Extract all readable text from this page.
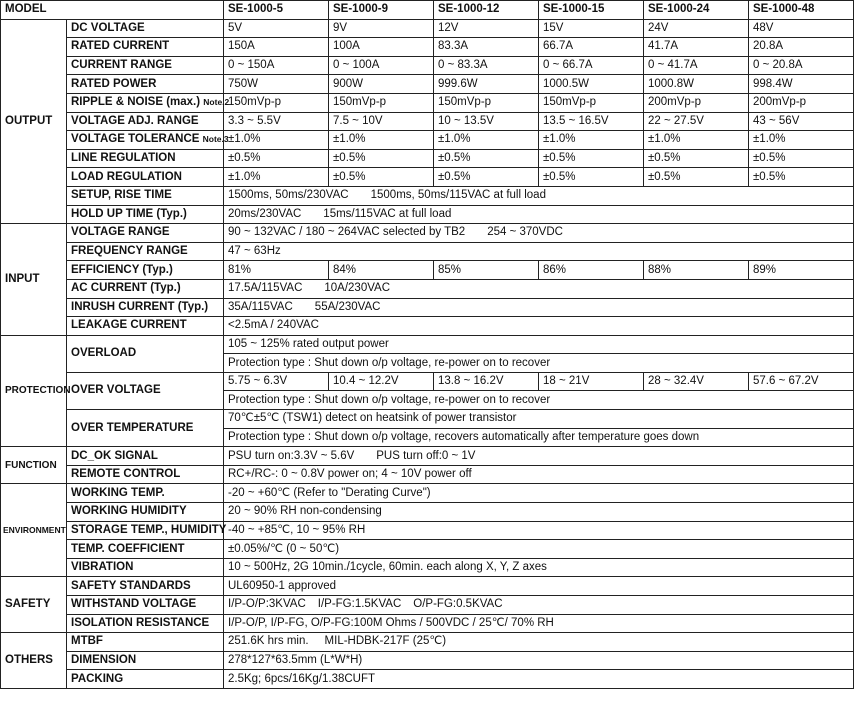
MODEL		SE-1000-5	SE-1000-9	SE-1000-12	SE-1000-15	SE-1000-24	SE-1000-48
OUTPUT	DC VOLTAGE	5V	9V	12V	15V	24V	48V
	RATED CURRENT	150A	100A	83.3A	66.7A	41.7A	20.8A
	CURRENT RANGE	0 ~ 150A	0 ~ 100A	0 ~ 83.3A	0 ~ 66.7A	0 ~ 41.7A	0 ~ 20.8A
	RATED POWER	750W	900W	999.6W	1000.5W	1000.8W	998.4W
	RIPPLE & NOISE (max.) Note.2	150mVp-p	150mVp-p	150mVp-p	150mVp-p	200mVp-p	200mVp-p
	VOLTAGE ADJ. RANGE	3.3 ~ 5.5V	7.5 ~ 10V	10 ~ 13.5V	13.5 ~ 16.5V	22 ~ 27.5V	43 ~ 56V
	VOLTAGE TOLERANCE Note.3	±1.0%	±1.0%	±1.0%	±1.0%	±1.0%	±1.0%
	LINE REGULATION	±0.5%	±0.5%	±0.5%	±0.5%	±0.5%	±0.5%
	LOAD REGULATION	±1.0%	±0.5%	±0.5%	±0.5%	±0.5%	±0.5%
	SETUP, RISE TIME	1500ms, 50ms/230VAC 1500ms, 50ms/115VAC at full load					
	HOLD UP TIME (Typ.)	20ms/230VAC 15ms/115VAC at full load					
INPUT	VOLTAGE RANGE	90 ~ 132VAC / 180 ~ 264VAC selected by TB2 254 ~ 370VDC					
	FREQUENCY RANGE	47 ~ 63Hz					
	EFFICIENCY (Typ.)	81%	84%	85%	86%	88%	89%
	AC CURRENT (Typ.)	17.5A/115VAC 10A/230VAC					
	INRUSH CURRENT (Typ.)	35A/115VAC 55A/230VAC					
	LEAKAGE CURRENT	<2.5mA / 240VAC					
PROTECTION	OVERLOAD	105 ~ 125% rated output power					
		Protection type : Shut down o/p voltage, re-power on to recover					
	OVER VOLTAGE	5.75 ~ 6.3V	10.4 ~ 12.2V	13.8 ~ 16.2V	18 ~ 21V	28 ~ 32.4V	57.6 ~ 67.2V
		Protection type : Shut down o/p voltage, re-power on to recover					
	OVER TEMPERATURE	70℃±5℃ (TSW1) detect on heatsink of power transistor					
		Protection type : Shut down o/p voltage, recovers automatically after temperature goes down					
FUNCTION	DC_OK SIGNAL	PSU turn on:3.3V ~ 5.6V PUS turn off:0 ~ 1V					
	REMOTE CONTROL	RC+/RC-: 0 ~ 0.8V power on; 4 ~ 10V power off					
ENVIRONMENT	WORKING TEMP.	-20 ~ +60℃ (Refer to "Derating Curve")					
	WORKING HUMIDITY	20 ~ 90% RH non-condensing					
	STORAGE TEMP., HUMIDITY	-40 ~ +85℃, 10 ~ 95% RH					
	TEMP. COEFFICIENT	±0.05%/℃ (0 ~ 50℃)					
	VIBRATION	10 ~ 500Hz, 2G 10min./1cycle, 60min. each along X, Y, Z axes					
SAFETY	SAFETY STANDARDS	UL60950-1 approved					
	WITHSTAND VOLTAGE	I/P-O/P:3KVAC I/P-FG:1.5KVAC O/P-FG:0.5KVAC					
	ISOLATION RESISTANCE	I/P-O/P, I/P-FG, O/P-FG:100M Ohms / 500VDC / 25℃/ 70% RH					
OTHERS	MTBF	251.6K hrs min. MIL-HDBK-217F (25℃)					
	DIMENSION	278*127*63.5mm (L*W*H)					
	PACKING	2.5Kg; 6pcs/16Kg/1.38CUFT					
